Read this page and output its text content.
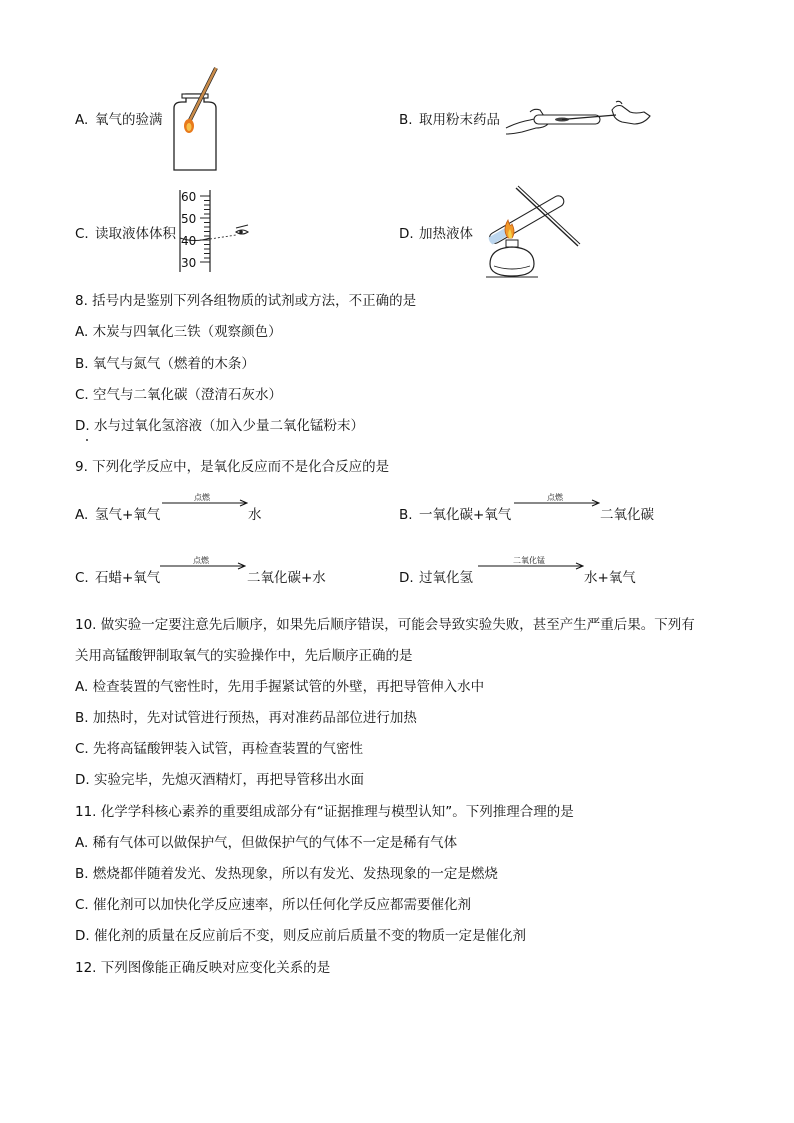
A. 氧气的验满	B. 取用粉末药品
C. 读取液体体积
60
50
40
30
D. 加热液体
8. 括号内是鉴别下列各组物质的试剂或方法，不正确的是
A. 木炭与四氧化三铁（观察颜色）
B. 氧气与氮气（燃着的木条）
C. 空气与二氧化碳（澄清石灰水）
D. 水与过氧化氢溶液（加入少量二氧化锰粉末）
9. 下列化学反应中，是氧化反应而不是化合反应的是
A. 氢气+氧气
点燃
水	B. 一氧化碳+氧气
点燃
二氧化碳
C. 石蜡+氧气
点燃
二氧化碳+水	D. 过氧化氢
二氧化锰
水+氧气
10. 做实验一定要注意先后顺序，如果先后顺序错误，可能会导致实验失败，甚至产生严重后果。下列有
关用高锰酸钾制取氧气的实验操作中，先后顺序正确的是
A. 检查装置的气密性时，先用手握紧试管的外壁，再把导管伸入水中
B. 加热时，先对试管进行预热，再对准药品部位进行加热
C. 先将高锰酸钾装入试管，再检查装置的气密性
D. 实验完毕，先熄灭酒精灯，再把导管移出水面
11. 化学学科核心素养的重要组成部分有“证据推理与模型认知”。下列推理合理的是
A. 稀有气体可以做保护气，但做保护气的气体不一定是稀有气体
B. 燃烧都伴随着发光、发热现象，所以有发光、发热现象的一定是燃烧
C. 催化剂可以加快化学反应速率，所以任何化学反应都需要催化剂
D. 催化剂的质量在反应前后不变，则反应前后质量不变的物质一定是催化剂
12. 下列图像能正确反映对应变化关系的是
